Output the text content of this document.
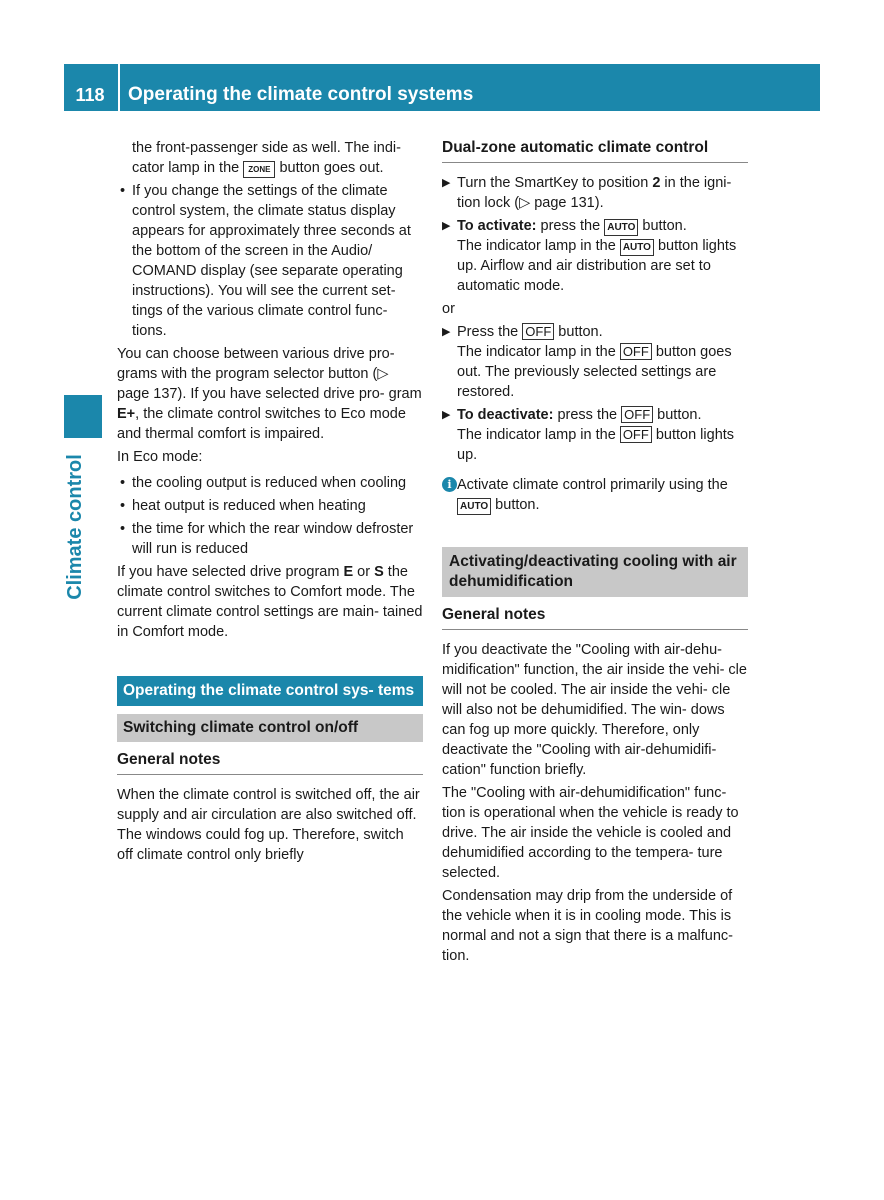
118	Operating the climate control systems
Climate control

the front-passenger side as well. The indi-
cator lamp in the ZONE button goes out.

• If you change the settings of the climate control system, the climate status display appears for approximately three seconds at the bottom of the screen in the Audio/ COMAND display (see separate operating instructions). You will see the current set- tings of the various climate control func- tions.

You can choose between various drive pro- grams with the program selector button (▷ page 137). If you have selected drive pro- gram E+, the climate control switches to Eco mode and thermal comfort is impaired.

In Eco mode:

• the cooling output is reduced when cooling
• heat output is reduced when heating
• the time for which the rear window defroster will run is reduced

If you have selected drive program E or S the climate control switches to Comfort mode. The current climate control settings are main- tained in Comfort mode.

Operating the climate control sys- tems
Switching climate control on/off
General notes

When the climate control is switched off, the air supply and air circulation are also switched off. The windows could fog up. Therefore, switch off climate control only briefly

Dual-zone automatic climate control
▶ Turn the SmartKey to position 2 in the igni- tion lock (▷ page 131).
▶ To activate: press the AUTO button.

The indicator lamp in the AUTO button lights up. Airflow and air distribution are set to automatic mode.

or

▶ Press the OFF button.

The indicator lamp in the OFF button goes out. The previously selected settings are restored.

▶ To deactivate: press the OFF button.

The indicator lamp in the OFF button lights up.

i Activate climate control primarily using the AUTO button.
Activating/deactivating cooling with air dehumidification
General notes

If you deactivate the "Cooling with air-dehu- midification" function, the air inside the vehi- cle will not be cooled. The air inside the vehi- cle will also not be dehumidified. The win- dows can fog up more quickly. Therefore, only deactivate the "Cooling with air-dehumidifi- cation" function briefly.

The "Cooling with air-dehumidification" func- tion is operational when the vehicle is ready to drive. The air inside the vehicle is cooled and dehumidified according to the tempera- ture selected.

Condensation may drip from the underside of the vehicle when it is in cooling mode. This is normal and not a sign that there is a malfunc- tion.
